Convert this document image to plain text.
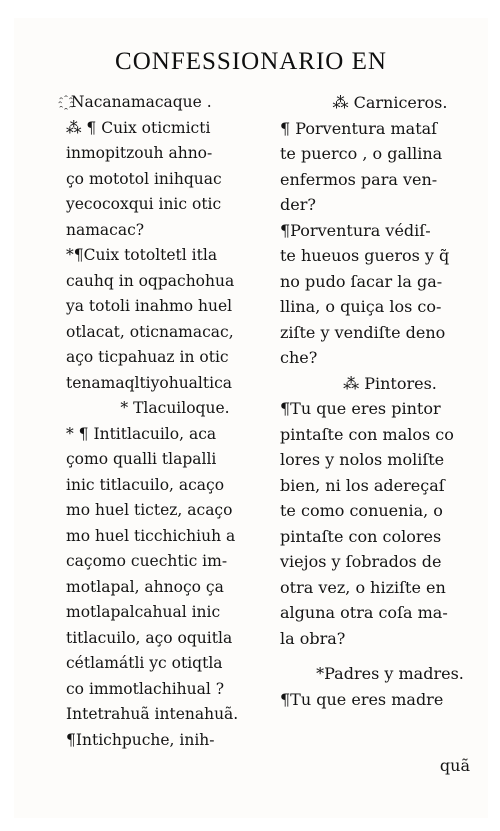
CONFESSIONARIO EN
҈ Nacanamacaque .
⁂ ¶ Cuix oticmicti
inmopitzouh ahno-
ço mototol inihquac
yecocoxqui inic otic
namacac?
*¶Cuix totoltetl itla
cauhq in oqpachohua
ya totoli inahmo huel
otlacat, oticnamacac,
aço ticpahuaz in otic
tenamaqltiyohualtica
* Tlacuiloque.
* ¶ Intitlacuilo, aca
çomo qualli tlapalli
inic titlacuilo, acaço
mo huel tictez, acaço
mo huel ticchichiuh a
caçomo cuechtic im-
motlapal, ahnoço ça
motlapalcahual inic
titlacuilo, aço oquitla
cétlamátli yc otiqtla
co immotlachihual ?
Intetrahuã intenahuã.
¶Intichpuche, inih-
⁂ Carniceros.
¶ Porventura mataſ
te puerco , o gallina
enfermos para ven-
der?
¶Porventura védiſ-
te hueuos gueros y q̃
no pudo ſacar la ga-
llina, o quiça los co-
ziſte y vendiſte deno
che?
⁂ Pintores.
¶Tu que eres pintor
pintaſte con malos co
lores y nolos moliſte
bien, ni los adereçaſ
te como conuenia, o
pintaſte con colores
viejos y ſobrados de
otra vez, o hiziſte en
alguna otra coſa ma-
la obra?
*Padres y madres.
¶Tu que eres madre
quã
